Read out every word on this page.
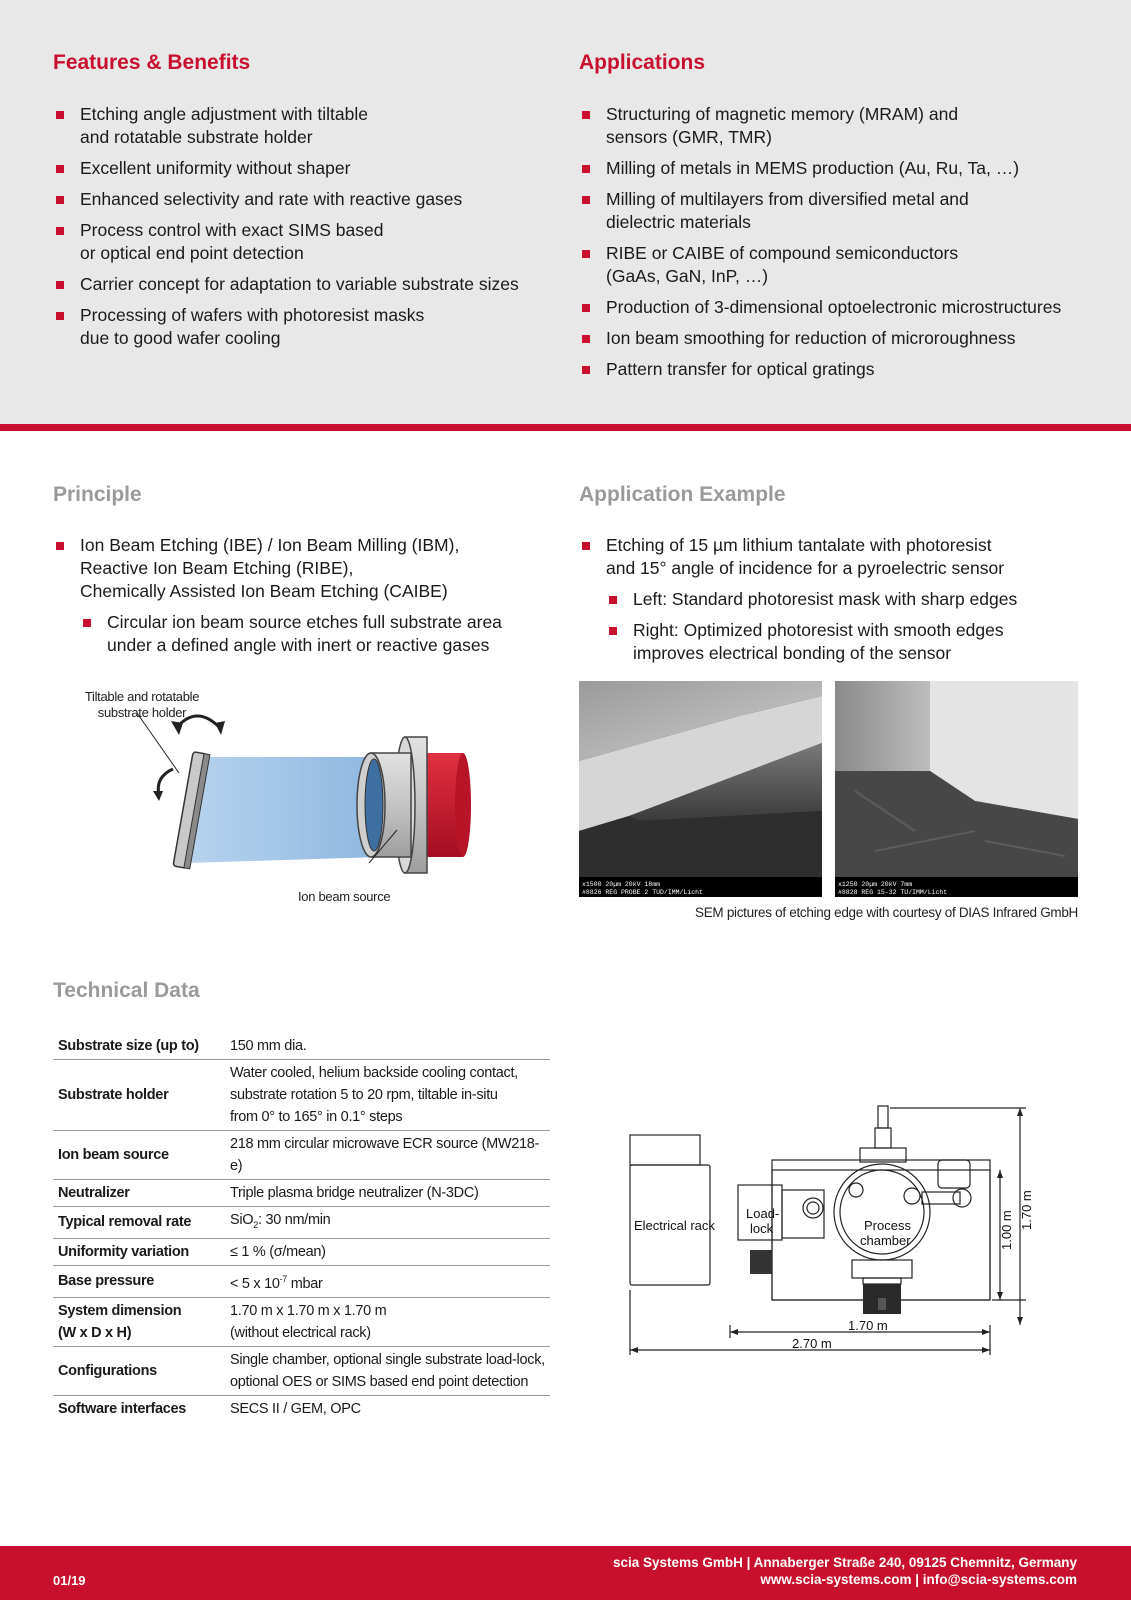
Features & Benefits
Etching angle adjustment with tiltable
and rotatable substrate holder
Excellent uniformity without shaper
Enhanced selectivity and rate with reactive gases
Process control with exact SIMS based
or optical end point detection
Carrier concept for adaptation to variable substrate sizes
Processing of wafers with photoresist masks
due to good wafer cooling
Applications
Structuring of magnetic memory (MRAM) and
sensors (GMR, TMR)
Milling of metals in MEMS production (Au, Ru, Ta, …)
Milling of multilayers from diversified metal and
dielectric materials
RIBE or CAIBE of compound semiconductors
(GaAs, GaN, InP, …)
Production of 3-dimensional optoelectronic microstructures
Ion beam smoothing for reduction of microroughness
Pattern transfer for optical gratings
Principle
Ion Beam Etching (IBE) / Ion Beam Milling (IBM),
Reactive Ion Beam Etching (RIBE),
Chemically Assisted Ion Beam Etching (CAIBE)
Circular ion beam source etches full substrate area
under a defined angle with inert or reactive gases
Tiltable and rotatable
substrate holder
Ion beam source
Application Example
Etching of 15 µm lithium tantalate with photoresist
and 15° angle of incidence for a pyroelectric sensor
Left: Standard photoresist mask with sharp edges
Right: Optimized photoresist with smooth edges
improves electrical bonding of the sensor
x1500 20µm 20kV 18mm
#8826 REG PROBE 2 TUD/IMM/Licht
x1250 20µm 20kV 7mm
#8828 REG 15-32 TU/IMM/Licht
SEM pictures of etching edge with courtesy of DIAS Infrared GmbH
Technical Data
Substrate size (up to)	150 mm dia.
Substrate holder	Water cooled, helium backside cooling contact,
substrate rotation 5 to 20 rpm, tiltable in-situ
from 0° to 165° in 0.1° steps
Ion beam source	218 mm circular microwave ECR source (MW218-e)
Neutralizer	Triple plasma bridge neutralizer (N-3DC)
Typical removal rate	SiO$_2$: 30 nm/min
Uniformity variation	≤ 1 % (σ/mean)
Base pressure	< 5 x $10^{-7}$ mbar
System dimension
(W x D x H)	1.70 m x 1.70 m x 1.70 m
(without electrical rack)
Configurations	Single chamber, optional single substrate load-lock,
optional OES or SIMS based end point detection
Software interfaces	SECS II / GEM, OPC
Electrical rack
Load-
lock	Process
chamber
1.70 m
2.70 m
1.00 m
1.70 m
01/19
scia Systems GmbH | Annaberger Straße 240, 09125 Chemnitz, Germany
www.scia-systems.com | info@scia-systems.com
